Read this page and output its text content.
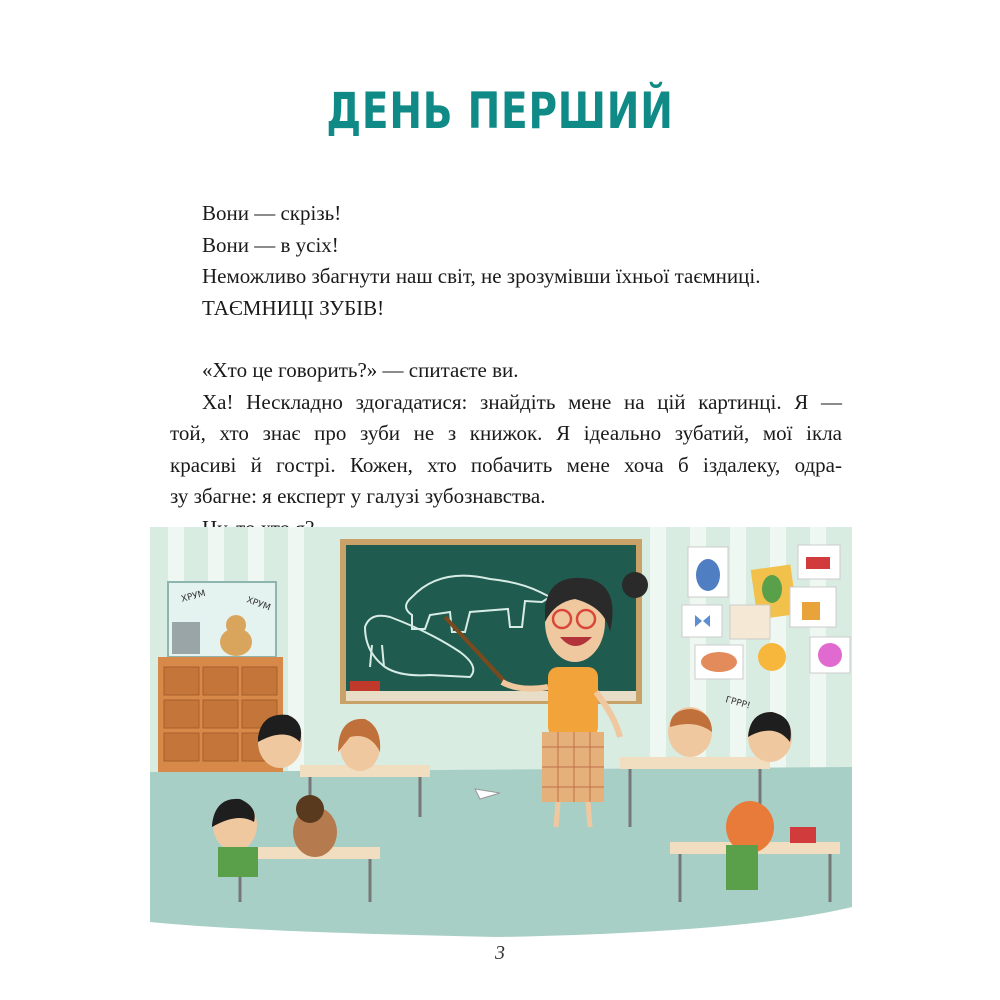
ДЕНЬ ПЕРШИЙ
Вони — скрізь!
Вони — в усіх!
Неможливо збагнути наш світ, не зрозумівши їхньої таємниці.
ТАЄМНИЦІ ЗУБІВ!
«Хто це говорить?» — спитаєте ви.
Ха! Нескладно здогадатися: знайдіть мене на цій картинці. Я —
той, хто знає про зуби не з книжок. Я ідеально зубатий, мої ікла
красиві й гострі. Кожен, хто побачить мене хоча б іздалеку, одра-
зу збагне: я експерт у галузі зубознавства.
ХРУМ	ХРУМ
ГРРР!
3
